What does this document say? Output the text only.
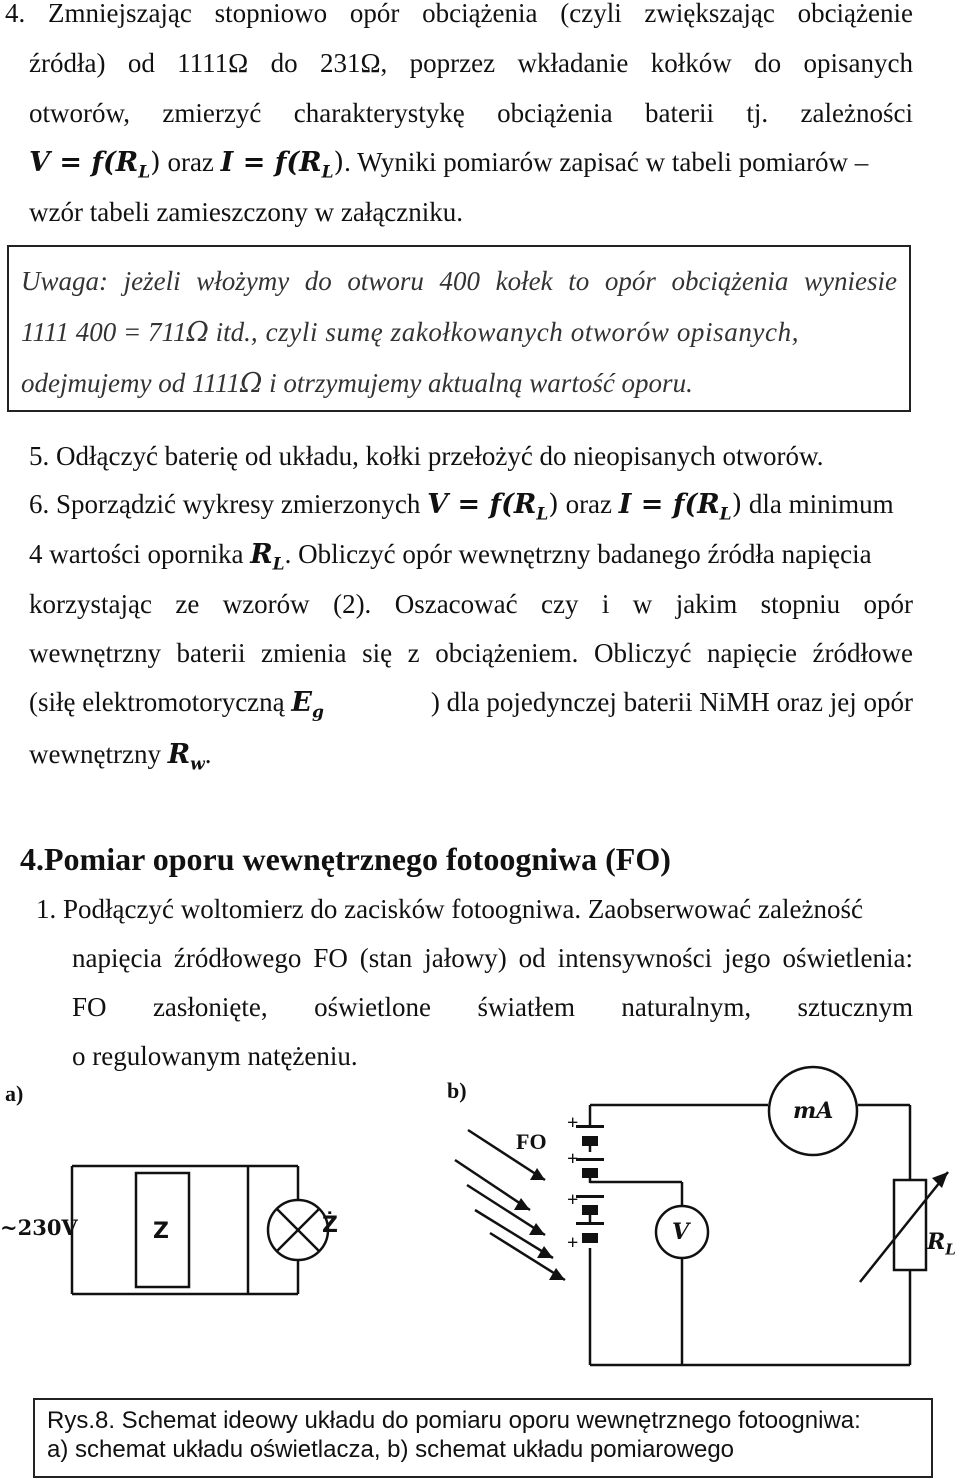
4. Zmniejszając stopniowo opór obciążenia (czyli zwiększając obciążenie
źródła) od 1111Ω do 231Ω, poprzez wkładanie kołków do opisanych
otworów, zmierzyć charakterystykę obciążenia baterii tj. zależności
𝑽 = 𝒇(𝑹$_𝑳$) oraz 𝑰 = 𝒇(𝑹$_𝑳$). Wyniki pomiarów zapisać w tabeli pomiarów –
wzór tabeli zamieszczony w załączniku.
Uwaga: jeżeli włożymy do otworu 400 kołek to opór obciążenia wyniesie
1111 400 = 711Ω itd., czyli sumę zakołkowanych otworów opisanych,
odejmujemy od 1111Ω i otrzymujemy aktualną wartość oporu.
5. Odłączyć baterię od układu, kołki przełożyć do nieopisanych otworów.
6. Sporządzić wykresy zmierzonych 𝑽 = 𝒇(𝑹$_𝑳$) oraz 𝑰 = 𝒇(𝑹$_𝑳$) dla minimum
4 wartości opornika 𝑹$_𝑳$. Obliczyć opór wewnętrzny badanego źródła napięcia
korzystając ze wzorów (2). Oszacować czy i w jakim stopniu opór
wewnętrzny baterii zmienia się z obciążeniem. Obliczyć napięcie źródłowe
(siłę elektromotoryczną 𝑬$_𝒈$	) dla pojedynczej baterii NiMH oraz jej opór
wewnętrzny 𝑹$_𝒘$.
4.Pomiar oporu wewnętrznego fotoogniwa (FO)
1. Podłączyć woltomierz do zacisków fotoogniwa. Zaobserwować zależność
napięcia źródłowego FO (stan jałowy) od intensywności jego oświetlenia:
FO zasłonięte, oświetlone światłem naturalnym, sztucznym
o regulowanym natężeniu.
a)	b)
~230V	Z	Ż
FO
+
+
+
+
mA
V	$R_L$
Rys.8. Schemat ideowy układu do pomiaru oporu wewnętrznego fotoogniwa:
a) schemat układu oświetlacza, b) schemat układu pomiarowego
